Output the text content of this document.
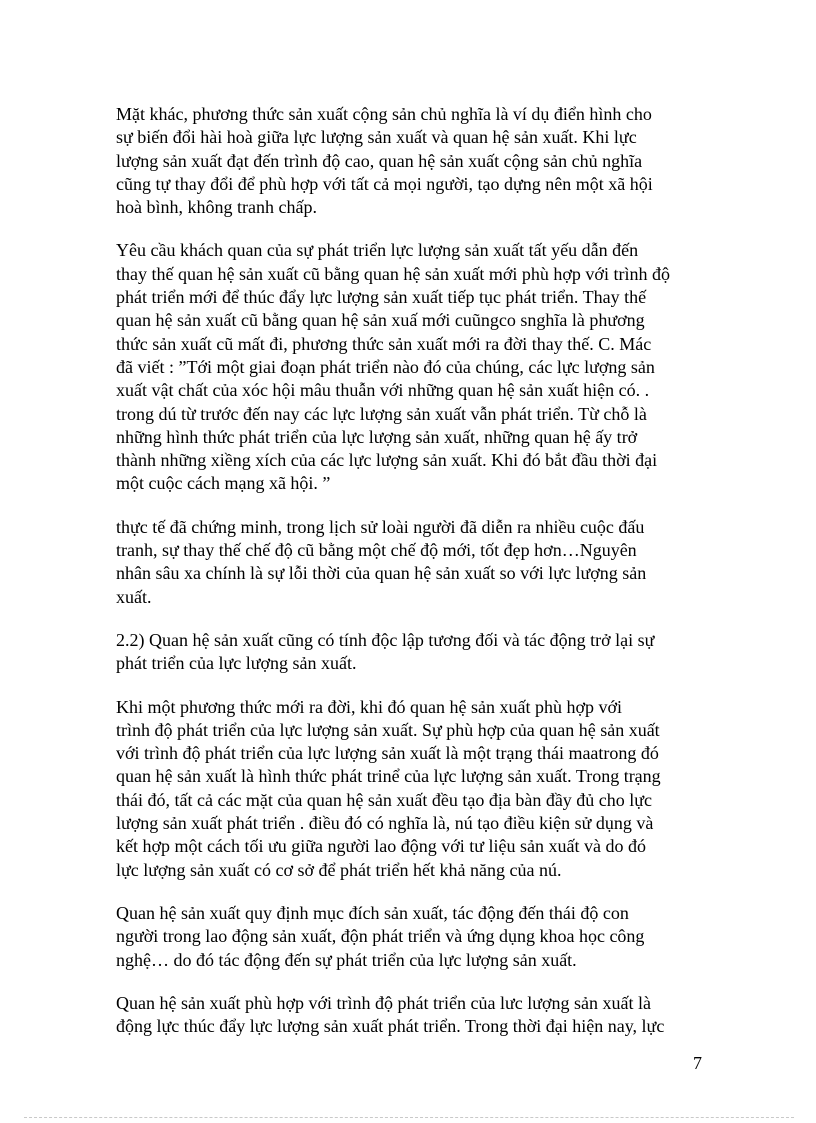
Mặt khác, phương thức sản xuất cộng sản chủ nghĩa là ví dụ điển hình cho
sự biến đổi hài hoà giữa lực lượng sản xuất và quan hệ sản xuất. Khi lực
lượng sản xuất đạt đến trình độ cao, quan hệ sản xuất cộng sản chủ nghĩa
cũng tự thay đổi để phù hợp với tất cả mọi người, tạo dựng nên một xã hội
hoà bình, không tranh chấp.

Yêu cầu khách quan của sự phát triển lực lượng sản xuất tất yếu dẫn đến
thay thế quan hệ sản xuất cũ bằng quan hệ sản xuất mới phù hợp với trình độ
phát triển mới để thúc đẩy lực lượng sản xuất tiếp tục phát triển. Thay thế
quan hệ sản xuất cũ bằng quan hệ sản xuấ mới cuũngco snghĩa là phương
thức sản xuất cũ mất đi, phương thức sản xuất mới ra đời thay thế. C. Mác
đã viết : ”Tới một giai đoạn phát triển nào đó của chúng, các lực lượng sản
xuất vật chất của xóc hội mâu thuẫn với những quan hệ sản xuất hiện có. .
trong dú từ trước đến nay các lực lượng sản xuất vẫn phát triển. Từ chỗ là
những hình thức phát triển của lực lượng sản xuất, những quan hệ ấy trở
thành những xiềng xích của các lực lượng sản xuất. Khi đó bắt đầu thời đại
một cuộc cách mạng xã hội. ”

thực tế đã chứng minh, trong lịch sử loài người đã diễn ra nhiều cuộc đấu
tranh, sự thay thế chế độ cũ bằng một chế độ mới, tốt đẹp hơn…Nguyên
nhân sâu xa chính là sự lỗi thời của quan hệ sản xuất so với lực lượng sản
xuất.

2.2) Quan hệ sản xuất cũng có tính độc lập tương đối và tác động trở lại sự
phát triển của lực lượng sản xuất.

Khi một phương thức mới ra đời, khi đó quan hệ sản xuất phù hợp với
trình độ phát triển của lực lượng sản xuất. Sự phù hợp của quan hệ sản xuất
với trình độ phát triển của lực lượng sản xuất là một trạng thái maatrong đó
quan hệ sản xuất là hình thức phát trinể của lực lượng sản xuất. Trong trạng
thái đó, tất cả các mặt của quan hệ sản xuất đều tạo địa bàn đầy đủ cho lực
lượng sản xuất phát triển . điều đó có nghĩa là, nú tạo điều kiện sử dụng và
kết hợp một cách tối ưu giữa người lao động với tư liệu sản xuất và do đó
lực lượng sản xuất có cơ sở để phát triển hết khả năng của nú.

Quan hệ sản xuất quy định mục đích sản xuất, tác động đến thái độ con
người trong lao động sản xuất, độn phát triển và ứng dụng khoa học công
nghệ… do đó tác động đến sự phát triển của lực lượng sản xuất.

Quan hệ sản xuất phù hợp với trình độ phát triển của lưc lượng sản xuất là
động lực thúc đẩy lực lượng sản xuất phát triển. Trong thời đại hiện nay, lực

7
